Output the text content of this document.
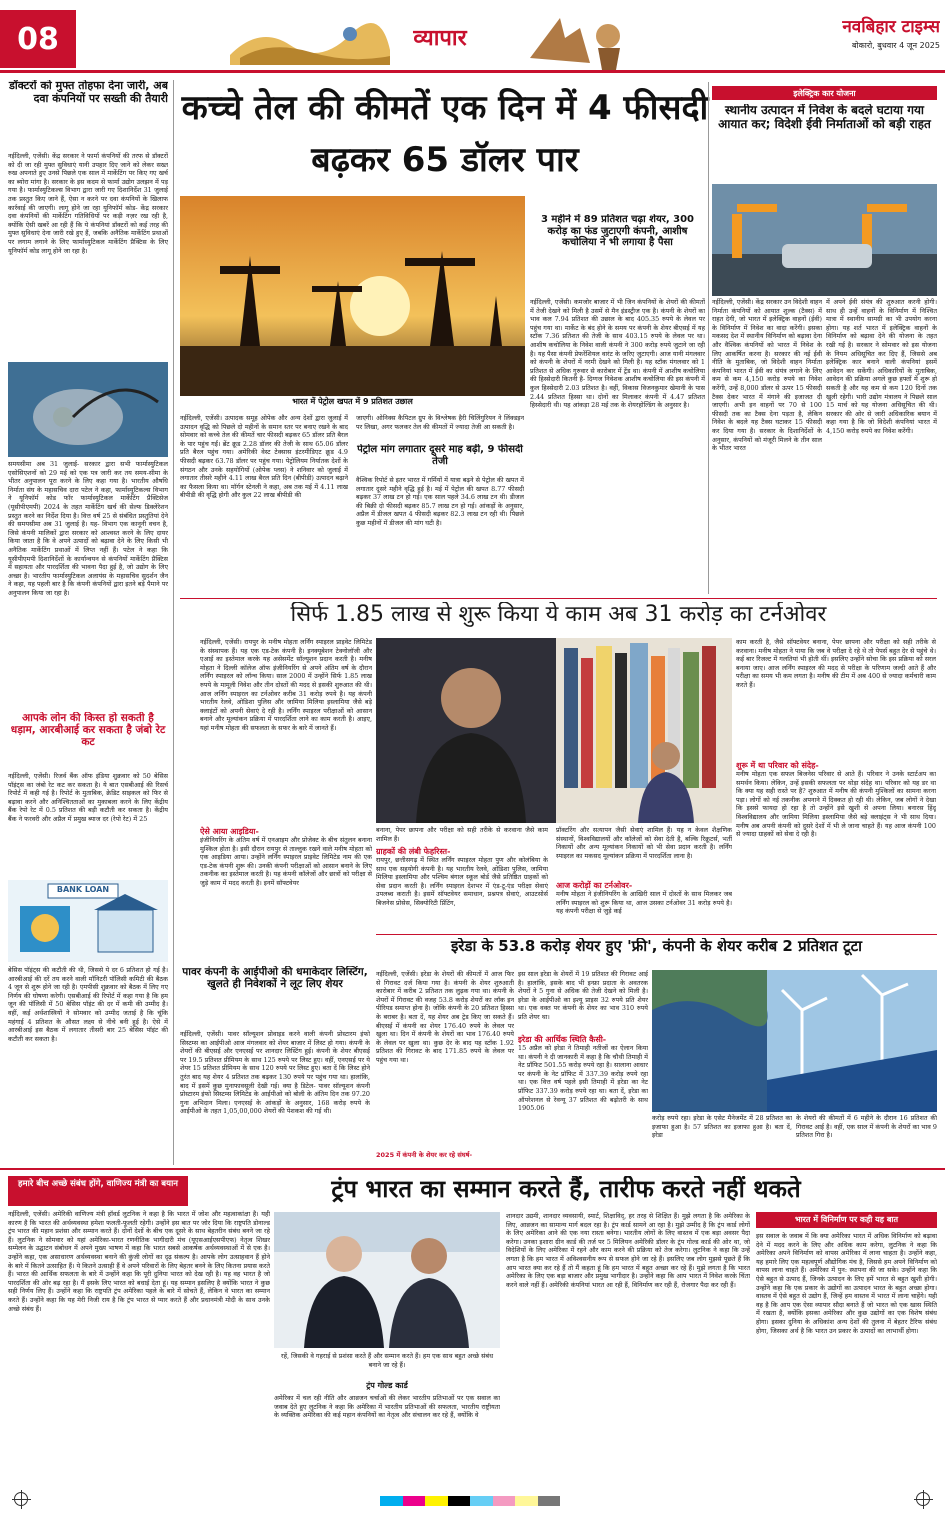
08	व्यापार	नवबिहार टाइम्स
बोकारो, बुधवार 4 जून 2025
डॉक्टरों को मुफ्त तोहफा देना जारी, अब दवा कंपनियों पर सख्ती की तैयारी
नईदिल्ली, एजेंसी। केंद्र सरकार ने फार्मा कंपनियों की तरफ से डॉक्टरों को दी जा रही मुफ्त सुविधाएं यानी उपहार दिए जाने को लेकर सख्त रुख अपनाते हुए उनसे पिछले एक साल में मार्केटिंग पर किए गए खर्च का ब्योरा मांगा है। सरकार के इस कदम से फार्मा उद्योग उलझन में पड़ गया है। फार्मास्युटिकल्स विभाग द्वारा जारी गए दिशानिर्देश 31 जुलाई तक प्रस्तुत किए जाने हैं, ऐसा न करने पर दवा कंपनियों के खिलाफ कार्रवाई की जाएगी। लागू होने जा रहा यूनिफॉर्म कोड- केंद्र सरकार दवा कंपनियों की मार्केटिंग गतिविधियों पर कड़ी नज़र रख रही है, क्योंकि ऐसी खबरें आ रही हैं कि ये कंपनियां डॉक्टरों को कई तरह की मुफ्त सुविधाएं देना जारी रखे हुए हैं, जबकि अनैतिक मार्केटिंग प्रथाओं पर लगाम लगाने के लिए फार्मास्युटिकल मार्केटिंग प्रैक्टिस के लिए यूनिफॉर्म कोड लागू होने जा रहा है।
समयसीमा अब 31 जुलाई- सरकार द्वारा सभी फार्मास्युटिकल एसोसिएशनों को 29 मई को एक पत्र जारी कर तय समय-सीमा के भीतर अनुपालन पूरा करने के लिए कहा गया है। भारतीय औषधि निर्माता संघ के महासचिव दारा पटेल ने कहा, फार्मास्युटिकल्स विभाग ने यूनिफॉर्म कोड फॉर फार्मास्युटिकल मार्केटिंग प्रैक्टिसेज (यूसीपीएमपी) 2024 के तहत मार्केटिंग खर्च की सेल्फ डिक्लेरेशन प्रस्तुत करने का निर्देश दिया है। वित्त वर्ष 25 से संबंधित प्रस्तुतियां देने की समयसीमा अब 31 जुलाई है। यह- विभाग एक कानूनी वचन है, जिसे कंपनी मालिकों द्वारा सरकार को आश्वस्त करने के लिए दायर किया जाता है कि वे अपने उत्पादों को बढ़ावा देने के लिए किसी भी अनैतिक मार्केटिंग प्रथाओं में लिप्त नहीं हैं। पटेल ने कहा कि यूसीपीएमपी दिशानिर्देशों के कार्यान्वयन से कंपनियों मार्केटिंग प्रैक्टिस में सहायता और पारदर्शिता की भावना पैदा हुई है, जो उद्योग के लिए अच्छा है। भारतीय फार्मास्युटिकल अलायंस के महासचिव सुदर्शन जैन ने कहा, यह पहली बार है कि कंपनी कंपनियों द्वारा इतने बड़े पैमाने पर अनुपालन किया जा रहा है।
आपके लोन की किस्त हो सकती है धड़ाम, आरबीआई कर सकता है जंबो रेट कट
नईदिल्ली, एजेंसी। रिजर्व बैंक ऑफ इंडिया शुक्रवार को 50 बेसिस पॉइंट्स का जंबो रेट कट कर सकता है। ये बात एसबीआई की रिसर्च रिपोर्ट में कही गई है। रिपोर्ट के मुताबिक, क्रेडिट साइकल को फिर से बढ़ावा करने और अनिश्चितताओं का मुकाबला करने के लिए केंद्रीय बैंक रेपो रेट में 0.5 प्रतिशत की बड़ी कटौती कर सकता है। केंद्रीय बैंक ने फरवरी और अप्रैल में प्रमुख ब्याज दर (रेपो रेट) में 25
BANK LOAN
बेसिस पॉइंट्स की कटौती की थी, जिससे ये दर 6 प्रतिशत हो गई है। आरबीआई की दरें तय करने वाली मॉनिटरी पॉलिसी कमिटी की बैठक 4 जून से शुरू होने जा रही है। एमपीसी शुक्रवार को बैठक में लिए गए निर्णय की घोषणा करेगी। एसबीआई की रिपोर्ट में कहा गया है कि हम जून की पॉलिसी में 50 बेसिस पॉइंट की दर में कमी की उम्मीद है। वहीं, कई अर्थशास्त्रियों ने सोमवार को उम्मीद जताई है कि चूंकि महंगाई 4 प्रतिशत के औसत लक्ष्य से नीचे बनी हुई है। ऐसे में आरबीआई इस बैठक में लगातार तीसरी बार 25 बेसिस पॉइंट की कटौती कर सकता है।
कच्चे तेल की कीमतें एक दिन में 4 फीसदी बढ़कर 65 डॉलर पार
भारत में पेट्रोल खपत में 9 प्रतिशत उछाल
नईदिल्ली, एजेंसी। उत्पादक समूह ओपेक और अन्य देशों द्वारा जुलाई में उत्पादन वृद्धि को पिछले दो महीनों के समान स्तर पर बनाए रखने के बाद सोमवार को कच्चे तेल की कीमतें चार फीसदी बढ़कर 65 डॉलर प्रति बैरल के पार पहुंच गईं। ब्रेंट क्रूड 2.28 डॉलर की तेजी के साथ 65.06 डॉलर प्रति बैरल पहुंच गया। अमेरिकी वेस्ट टेक्सास इंटरमीडिएट क्रूड 4.9 फीसदी बढ़कर 63.78 डॉलर पर पहुंच गया। पेट्रोलियम निर्यातक देशों के संगठन और उनके सहयोगियों (ओपेक प्लस) ने शनिवार को जुलाई में लगातार तीसरे महीने 4.11 लाख बैरल प्रति दिन (बीपीडी) उत्पादन बढ़ाने का फैसला किया था। मॉर्गन स्टेनली ने कहा, अब तक मई में 4.11 लाख बीपीडी की वृद्धि होगी और कुल 22 लाख बीपीडी की
जाएगी। ओनिक्स कैपिटल ग्रुप के विश्लेषक हैरी चिलिंगुरियन ने लिंक्डइन पर लिखा, अगर फलकर तेल की कीमतों में ज्यादा तेजी आ सकती है।
पेट्रोल मांग लगातार दूसरे माह बढ़ी, 9 फीसदी तेजी
वैश्विक रिपोर्ट से इतर भारत में गर्मियों में यात्रा बढ़ने से पेट्रोल की खपत में लगातार दूसरे महीने वृद्धि हुई है। मई में पेट्रोल की खपत 8.77 फीसदी बढ़कर 37 लाख टन हो गई। एक साल पहले 34.6 लाख टन थी। डीजल की बिक्री दो फीसदी बढ़कर 85.7 लाख टन हो गई। आंकड़ों के अनुसार, अप्रैल में डीजल खपत 4 फीसदी बढ़कर 82.3 लाख टन रही थी। पिछले कुछ महीनों में डीजल की मांग घटी है।
3 महीने में 89 प्रतिशत चढ़ा शेयर, 300 करोड़ का फंड जुटाएगी कंपनी, आशीष कचोलिया ने भी लगाया है पैसा
नईदिल्ली, एजेंसी। कमजोर बाजार में भी जिन कंपनियों के शेयरों की कीमतों में तेजी देखने को मिली है उसमें से मैन इंडस्ट्रीज एक है। कंपनी के शेयरों का भाव कल 7.94 प्रतिशत की उछाल के बाद 405.35 रुपये के लेवल पर पहुंच गया था। मार्केट के बंद होने के समय पर कंपनी के शेयर बीएसई में यह स्टॉक 7.36 प्रतिशत की तेजी के साथ 403.15 रुपये के लेवल पर था। आशीष कचोलिया के निवेश वाली कंपनी ने 300 करोड़ रुपये जुटाने जा रही है। यह पैसा कंपनी प्रेफरेंशियल वारंट के जरिए जुटाएगी। आज यानी मंगलवार को कंपनी के शेयरों में नरमी देखने को मिली है। यह स्टॉक मंगलवार को 1 प्रतिशत से अधिक गुरुवार से कारोबार में ट्रेंड था। कंपनी में आशीष कचोलिया की हिस्सेदारी कितनी है- दिग्गज निवेशक आशीष कचोलिया की इस कंपनी में कुल हिस्सेदारी 2.03 प्रतिशत है। वहीं, विकास विजनकुमार खेमानी के पास 2.44 प्रतिशत हिस्सा था। दोनों का मिलाकर कंपनी में 4.47 प्रतिशत हिस्सेदारी थी। यह आंकड़ा 28 मई तक के शेयरहोल्डिंग के अनुसार है।
इलेक्ट्रिक कार योजना
स्थानीय उत्पादन में निवेश के बदले घटाया गया आयात कर; विदेशी ईवी निर्माताओं को बड़ी राहत
नईदिल्ली, एजेंसी। केंद्र सरकार उन विदेशी वाहन निर्माता कंपनियों को आयात शुल्क (टैक्स) में राहत देगी, जो भारत में इलेक्ट्रिक वाहनों (ईवी) के विनिर्माण में निवेश का वादा करेंगी। इसका मकसद देश में स्थानीय विनिर्माण को बढ़ावा देना और वैश्विक कंपनियों को भारत में निवेश के लिए आकर्षित करना है। सरकार की नई ईवी नीति के मुताबिक, जो विदेशी वाहन निर्माता कंपनियां भारत में ईवी का संयंत्र लगाने के लिए कम से कम 4,150 करोड़ रुपये का निवेश करेंगी, उन्हें 8,000 डॉलर से ऊपर 15 फीसदी टैक्स देकर भारत में मंगाने की इजाजत दी जाएगी। अभी इन वाहनों पर 70 से 100 फीसदी तक का टैक्स देना पड़ता है, लेकिन निवेश के बदले यह टैक्स घटाकर 15 फीसदी कर दिया गया है। सरकार के दिशानिर्देशों के अनुसार, कंपनियों को मंजूरी मिलने के तीन साल के भीतर भारत
में अपने ईवी संयंत्र की शुरुआत करनी होगी। साथ ही उन्हें वाहनों के विनिर्माण में निश्चित मात्रा में स्थानीय सामग्री का भी उपयोग करना होगा। यह शर्त भारत में इलेक्ट्रिक वाहनों के विनिर्माण को बढ़ावा देने की योजना के तहत रखी गई है। सरकार ने सोमवार को इस योजना के नियम अधिसूचित कर दिए हैं, जिससे अब इलेक्ट्रिक कार बनाने वाली कंपनियां इसमें आवेदन कर सकेंगी। अधिकारियों के मुताबिक, आवेदन की प्रक्रिया अगले कुछ हफ्तों में शुरू हो सकती है और यह कम से कम 120 दिनों तक खुली रहेगी। भारी उद्योग मंत्रालय ने पिछले साल 15 मार्च को यह योजना अधिसूचित की थी। सरकार की ओर से जारी अधिकारिक बयान में कहा गया है कि जो विदेशी कंपनियां भारत में 4,150 करोड़ रुपये का निवेश करेंगी।
सिर्फ 1.85 लाख से शुरू किया ये काम अब 31 करोड़ का टर्नओवर
नईदिल्ली, एजेंसी। रायपुर के मनीष मोहता लर्निंग स्पाइरल प्राइवेट लिमिटेड के संस्थापक हैं। यह एक एड-टेक कंपनी है। इनक्यूबेशन टेक्नोलॉजी और एआई का इस्तेमाल करके यह असेसमेंट सॉल्यूशन प्रदान करती है। मनीष मोहता ने दिल्ली कॉलेज ऑफ इंजीनियरिंग से अपने अंतिम वर्ष के दौरान लर्निंग स्पाइरल को लॉन्च किया। साल 2000 में उन्होंने सिर्फ 1.85 लाख रुपये के मामूली निवेश और तीन दोस्तों की मदद से इसकी शुरुआत की थी। आज लर्निंग स्पाइरल का टर्नओवर करीब 31 करोड़ रुपये है। यह कंपनी भारतीय रेलवे, ओडिशा पुलिस और जामिया मिलिया इस्लामिया जैसे बड़े क्लाइंटों को अपनी सेवाएं दे रही है। लर्निंग स्पाइरल परीक्षाओं को आसान बनाने और मूल्यांकन प्रक्रिया में पारदर्शिता लाने का काम करती है। आइए, यहां मनीष मोहता की सफलता के सफर के बारे में जानते हैं।
ऐसे आया आइडिया-
इंजीनियरिंग के अंतिम वर्ष में एनआइम और प्रोजेक्ट के बीच संतुलन बनाना मुश्किल होता है। इसी दौरान रायपुर से ताल्लुक रखने वाले मनीष मोहता को एक आइडिया आया। उन्होंने लर्निंग स्पाइरल प्राइवेट लिमिटेड नाम की एक एड-टेक कंपनी शुरू की। उनकी कंपनी परीक्षाओं को आसान बनाने के लिए तकनीक का इस्तेमाल करती है। यह कंपनी कॉलेजों और छात्रों को परीक्षा से जुड़े काम में मदद करती है। इनमें सॉफ्टवेयर
बनाना, पेपर छापना और परीक्षा को सही तरीके से करवाना जैसे काम शामिल हैं।
ग्राहकों की लंबी फेहरिस्त-
रायपुर, छत्तीसगढ़ में स्थित लर्निंग स्पाइरल मोहता पुण और कोलंबिया के साथ एक सहयोगी कंपनी है। यह भारतीय रेलवे, ओडिशा पुलिस, जामिया मिलिया इस्लामिया और पश्चिम बंगाल स्कूल बोर्ड जैसे प्रतिष्ठित ग्राहकों को सेवा प्रदान करती है। लर्निंग स्पाइरल देशभर में एंड-टू-एंड परीक्षा सेवाएं उपलब्ध कराती है। इसमें सॉफ्टवेयर समाधान, प्रश्नपत्र सेवाएं, आउटसोर्स बिजनेस प्रोसेस, सिक्योरिटी प्रिंटिंग,
प्रॉक्टरिंग और सत्यापन जैसी सेवाएं शामिल हैं। यह न केवल शैक्षणिक संस्थानों, विश्वविद्यालयों और कॉलेजों को सेवा देती है, बल्कि रिक्रूटर्स, भर्ती निकायों और अन्य मूल्यांकन निकायों को भी सेवा प्रदान करती है। लर्निंग स्पाइरल का मकसद मूल्यांकन प्रक्रिया में पारदर्शिता लाना है।
आज करोड़ों का टर्नओवर-
मनीष मोहता ने इंजीनियरिंग के आखिरी साल में दोस्तों के साथ मिलकर जब लर्निंग स्पाइरल को शुरू किया था, आज उसका टर्नओवर 31 करोड़ रुपये है। यह कंपनी परीक्षा से जुड़े कई
काम करती है, जैसे सॉफ्टवेयर बनाना, पेपर छापना और परीक्षा को सही तरीके से करवाना। मनीष मोहता ने पाया कि जब वे परीक्षा दे रहे थे तो पेपर्स बहुत देर से पहुंचे थे। कई बार रिजल्ट में गलतियां भी होती थीं। इसलिए उन्होंने सोचा कि इस प्रक्रिया को सरल बनाया जाए। आज लर्निंग स्पाइरल की मदद से परीक्षा के परिणाम जल्दी आते हैं और परीक्षा का समय भी कम लगता है। मनीष की टीम में अब 400 से ज्यादा कर्मचारी काम करते हैं।
शुरू में था परिवार को संदेह-
मनीष मोहता एक सफल बिजनेस परिवार से आते हैं। परिवार ने उनके स्टार्टअप का समर्थन किया। लेकिन, उन्हें इसकी सफलता पर थोड़ा संदेह था। परिवार को यह डर था कि क्या यह सही रास्ते पर है? शुरुआत में मनीष की कंपनी मुश्किलों का सामना करना पड़ा। लोगों को नई तकनीक अपनाने में दिक्कत हो रही थी। लेकिन, जब लोगों ने देखा कि इससे फायदा हो रहा है तो उन्होंने इसे खुशी से अपना लिया। बनारस हिंदू विश्वविद्यालय और जामिया मिलिया इस्लामिया जैसे बड़े क्लाइंट्स ने भी साथ दिया। मनीष अब अपनी कंपनी को दुसरे देशों में भी ले जाना चाहते हैं। यह आज कंपनी 100 से ज्यादा ग्राहकों को सेवा दे रही है।
पावर कंपनी के आईपीओ की धमाकेदार लिस्टिंग, खुलते ही निवेशकों ने लूट लिए शेयर
नईदिल्ली, एजेंसी। पावर सॉल्यूशन प्रोवाइड करने वाली कंपनी प्रोस्टारम इंफो सिस्टम्स का आईपीओ आज मंगलवार को शेयर बाजार में लिस्ट हो गया। कंपनी के शेयरों की बीएसई और एनएसई पर शानदार लिस्टिंग हुई। कंपनी के शेयर बीएसई पर 19.5 प्रतिशत प्रीमियम के साथ 125 रुपये पर लिस्ट हुए। वहीं, एनएसई पर ये शेयर 15 प्रतिशत प्रीमियम के साथ 120 रुपये पर लिस्ट हुए। बता दें कि लिस्ट होने तुरंत बाद यह शेयर 4 प्रतिशत तक बढ़कर 130 रुपये पर पहुंच गया था। हालांकि, बाद में इसमें कुछ मुनाफावसूली देखी गई। क्या है डिटेल- पावर सॉल्यूशन कंपनी प्रोस्टारम इंफो सिस्टम्स लिमिटेड के आईपीओ को बोली के अंतिम दिन तक 97.20 गुना अभिदान मिला। एनएसई के आंकड़ों के अनुसार, 168 करोड़ रुपये के आईपीओ के तहत 1,05,00,000 शेयरों की पेशकश की गई थी।
इरेडा के 53.8 करोड़ शेयर हुए 'फ्री', कंपनी के शेयर करीब 2 प्रतिशत टूटा
नईदिल्ली, एजेंसी। इरेडा के शेयरों की कीमतों में आज फिर से गिरावट दर्ज किया गया है। कंपनी के शेयर शुरुआती कारोबार में करीब 2 प्रतिशत तक लुढ़क गया था। कंपनी के शेयरों में गिरावट की वजह 53.8 करोड़ शेयरों का लॉक इन पीरियड समाप्त होना है। जोकि कंपनी के 20 प्रतिशत हिस्सा के बराबर है। बता दें, यह शेयर अब ट्रेड किए जा सकते हैं। बीएसई में कंपनी का शेयर 176.40 रुपये के लेवल पर खुला था। दिन में कंपनी के शेयरों का भाव 176.40 रुपये के लेवल पर खुला था। कुछ देर के बाद यह स्टॉक 1.92 प्रतिशत की गिरावट के बाद 171.85 रुपये के लेवल पर पहुंच गया था।
2025 में कंपनी के शेयर कर रहे संघर्ष-
इस साल इरेडा के शेयरों में 19 प्रतिशत की गिरावट आई है। हालांकि, इसके बाद भी इन्फ्रा प्रदाता के अवतरक शेयरों ने 5 गुना से अधिक की तेजी देखने को मिली है। इरेडा के आईपीओ का इश्यू प्राइस 32 रुपये प्रति शेयर था। एक वक्त पर कंपनी के शेयर का भाव 310 रुपये प्रति शेयर था।
इरेडा की आर्थिक स्थिति कैसी-
15 अप्रैल को इरेडा ने तिमाही नतीजों का ऐलान किया था। कंपनी ने दी जानकारी में कहा है कि चौथी तिमाही में नेट प्रॉफिट 501.55 करोड़ रुपये रहा है। सालाना आधार पर कंपनी के नेट प्रॉफिट में 337.39 करोड़ रुपये रहा था। एक वित्त वर्ष पहले इसी तिमाही में इरेडा का नेट प्रॉफिट 337.39 करोड़ रुपये रहा था। बता दें, इरेडा का ऑपरेशनल से रेवन्यू 37 प्रतिशत की बढ़ोतरी के साथ 1905.06
करोड़ रुपये रहा। इरेडा के एसेट मैनेजमेंट में 28 प्रतिशत का इजाफा हुआ है। 57 प्रतिशत का इजाफा हुआ है। बता दें, इरेडा
के शेयरों की कीमतों में 6 महीने के दौरान 16 प्रतिशत की गिरावट आई है। वहीं, एक साल में कंपनी के शेयरों का भाव 9 प्रतिशत गिरा है।
हमारे बीच अच्छे संबंध होंगे, वाणिज्य मंत्री का बयान	ट्रंप भारत का सम्मान करते हैं, तारीफ करते नहीं थकते
नईदिल्ली, एजेंसी। अमेरिकी वाणिज्य मंत्री हॉवर्ड लुटनिक ने कहा है कि भारत में जोश और महत्वाकांक्षा है। यही कारण है कि भारत की अर्थव्यवस्था हमेशा फलती-फूलती रहेगी। उन्होंने इस बात पर जोर दिया कि राष्ट्रपति डोनाल्ड ट्रंप भारत की महान प्रशंसा और सम्मान करते हैं। दोनों देशों के बीच एक दूसरे के साथ बेहतरीन संबंध बनने जा रहे हैं। लुटनिक ने सोमवार को यहां अमेरिका-भारत रणनीतिक भागीदारी मंच (यूएसआईएसपीएफ) नेतृत्व शिखर सम्मेलन के उद्घाटन संबोधन में अपने मुख्य भाषण में कहा कि भारत सबसे आकर्षक अर्थव्यवस्थाओं में से एक है। उन्होंने कहा, एक असाधारण अर्थव्यवस्था बनाने की कुंजी लोगों का दृढ़ संकल्प है। आपके लोग उत्साहवान हैं होने के बारे में कितने उत्साहित हैं। ये कितने उत्साही हैं वे अपने परिवारों के लिए बेहतर बनने के लिए कितना प्रयास करते हैं। भारत की आर्थिक सफलता के बारे में उन्होंने कहा कि पूरी दुनिया भारत को देख रही है। यह वह भारत है जो पारदर्शिता की ओर बढ़ रहा है। मैं इसके लिए भारत को बधाई देता हूं। यह सम्मान इसलिए है क्योंकि भारत ने कुछ सही निर्णय लिए हैं। उन्होंने कहा कि राष्ट्रपति ट्रंप अमेरिका पहले के बारे में सोचते हैं, लेकिन वे भारत का सम्मान करते हैं। उन्होंने कहा कि यह मेरी निजी राय है कि ट्रंप भारत से प्यार करते हैं और प्रधानमंत्री मोदी के साथ उनके अच्छे संबंध हैं।
रहें, जिसकी वे गहराई से प्रशंसा करते हैं और सम्मान करते हैं। हम एक साथ बहुत अच्छे संबंध बनाने जा रहे हैं।
ट्रंप गोल्ड कार्ड
अमेरिका में चल रही नीति और आव्रजन चर्चाओं की लेकर भारतीय प्रतिभाओं पर एक सवाल का जवाब देते हुए लुटनिक ने कहा कि अमेरिका में भारतीय प्रतिभाओं की सफलता, भारतीय राष्ट्रीयता के व्यक्तिक अमेरिका की कई महान कंपनियों का नेतृत्व और संचालन कर रहे हैं, क्योंकि वे
शानदार उद्यमी, शानदार व्यवसायी, स्मार्ट, शिक्षाविद्, हर तरह से शिक्षित हैं। मुझे लगता है कि अमेरिका के लिए, आव्रजन का सामान्य मार्ग बदल रहा है। ट्रंप कार्ड सामने आ रहा है। मुझे उम्मीद है कि ट्रंप कार्ड लोगों के लिए अमेरिका आने की एक नया रास्ता बनेगा। भारतीय लोगों के लिए वास्तव में एक बड़ा अवसर पैदा करेगा। उनका इशारा ग्रीन कार्ड की तर्ज पर 5 मिलियन अमेरिकी डॉलर के ट्रंप गोल्ड कार्ड की ओर था, जो विदेशियों के लिए अमेरिका में रहने और काम करने की प्रक्रिया को तेज करेगा। लुटनिक ने कहा कि उन्हें लगता है कि हम भारत में अविश्वसनीय रूप से सफल होने जा रहे हैं। इसलिए जब लोग मुझसे पूछते हैं कि आप भारत क्या कर रहे हैं तो मैं कहता हूं कि हम भारत में बहुत अच्छा कर रहे हैं। मुझे लगता है कि भारत अमेरिका के लिए एक बड़ा बाजार और प्रमुख भागीदार है। उन्होंने कहा कि आप भारत में निवेश करके चिंता करने वाले नहीं हैं। अमेरिकी कंपनियां भारत आ रही हैं, विनिर्माण कर रही हैं, रोजगार पैदा कर रही हैं।
भारत में विनिर्माण पर कही यह बात
इस सवाल के जवाब में कि क्या अमेरिका भारत में अधिक विनिर्माण को बढ़ावा देने में मदद करने के लिए और अधिक काम करेगा, लुटनिक ने कहा कि अमेरिका अपने विनिर्माण को वापस अमेरिका में लाना चाहता है। उन्होंने कहा, यह हमारे लिए एक महत्वपूर्ण औद्योगिक मंच है, जिससे हम अपने विनिर्माण को वापस लाना चाहते हैं। अमेरिका में पुन: स्थापना की जा सके। उन्होंने कहा कि ऐसे बहुत से उत्पाद हैं, जिनके उत्पादन के लिए हमें भारत से बहुत खुशी होगी। उन्होंने कहा कि एक प्रकार के उद्योगों का उत्पादन भारत के बहुत अच्छा होगा। वास्तव में ऐसे बहुत से उद्योग हैं, जिन्हें हम वास्तव में भारत में लाना चाहेंगे। यही वह है कि आप एक ऐसा व्यापार सौदा बनाते हैं जो भारत को एक खास स्थिति में रखता है, क्योंकि इसका अमेरिका और कुछ उद्योगों का एक विशेष संबंध होगा। इसका दुनिया के अधिकांश अन्य देशों की तुलना में बेहतर टैरिफ संबंध होगा, जिसका अर्थ है कि भारत उन प्रकार के उत्पादों का लाभार्थी होगा।
